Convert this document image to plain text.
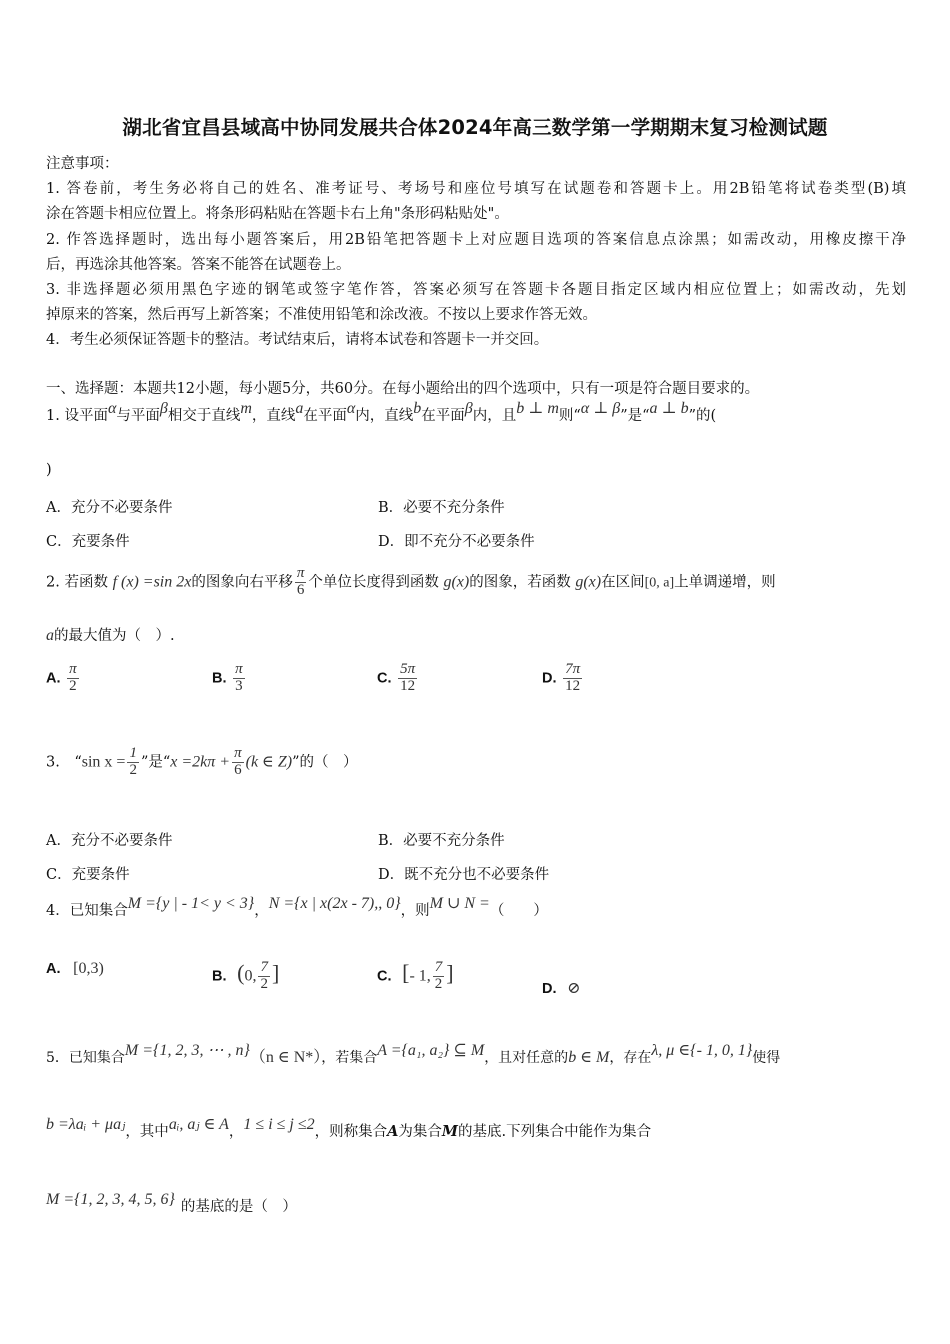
湖北省宜昌县域高中协同发展共合体2024年高三数学第一学期期末复习检测试题
注意事项：
1. 答卷前，考生务必将自己的姓名、准考证号、考场号和座位号填写在试题卷和答题卡上。用2B铅笔将试卷类型(B)填
涂在答题卡相应位置上。将条形码粘贴在答题卡右上角"条形码粘贴处"。
2. 作答选择题时，选出每小题答案后，用2B铅笔把答题卡上对应题目选项的答案信息点涂黑；如需改动，用橡皮擦干净
后，再选涂其他答案。答案不能答在试题卷上。
3. 非选择题必须用黑色字迹的钢笔或签字笔作答，答案必须写在答题卡各题目指定区域内相应位置上；如需改动，先划
掉原来的答案，然后再写上新答案；不准使用铅笔和涂改液。不按以上要求作答无效。
4．考生必须保证答题卡的整洁。考试结束后，请将本试卷和答题卡一并交回。
一、选择题：本题共12小题，每小题5分，共60分。在每小题给出的四个选项中，只有一项是符合题目要求的。
1. 设平面α与平面β相交于直线m，直线a在平面α内，直线b在平面β内，且b ⊥ m则“α ⊥ β”是“a ⊥ b”的(
)
A．充分不必要条件	B．必要不充分条件
C．充要条件	D．即不充分不必要条件
2. 若函数 f (x) =sin 2x的图象向右平移 $\frac{\pi}{6}$ 个单位长度得到函数 g(x)的图象，若函数 g(x)在区间[0, a]上单调递增，则
a的最大值为（　）.
A. $\frac{\pi}{2}$	B. $\frac{\pi}{3}$	C. $\frac{5\pi}{12}$	D. $\frac{7\pi}{12}$
3.　“sin $x = \frac{1}{2}$ ”是“$x =2k\pi + \frac{\pi}{6} (k$ ∈ Z)”的（　）
A．充分不必要条件	B．必要不充分条件
C．充要条件	D．既不充分也不必要条件
4．已知集合M ={y | - 1< y < 3}，N ={x | x(2x - 7),, 0}，则M ∪ N =（　　）
A. [0,3)	B. (0, $\frac{7}{2}$ ]	C. [- 1, $\frac{7}{2}$ ]
D. ⊘
5．已知集合M ={1, 2, 3, ⋯ , n}（n ∈ N*），若集合A ={a₁, a₂} ⊆ M，且对任意的b ∈ M，存在λ, μ ∈{- 1, 0, 1}使得
b =λaᵢ + μaⱼ，其中aᵢ, aⱼ ∈ A，1 ≤ i ≤ j ≤2，则称集合A为集合M的基底.下列集合中能作为集合
M ={1, 2, 3, 4, 5, 6} 的基底的是（　）
